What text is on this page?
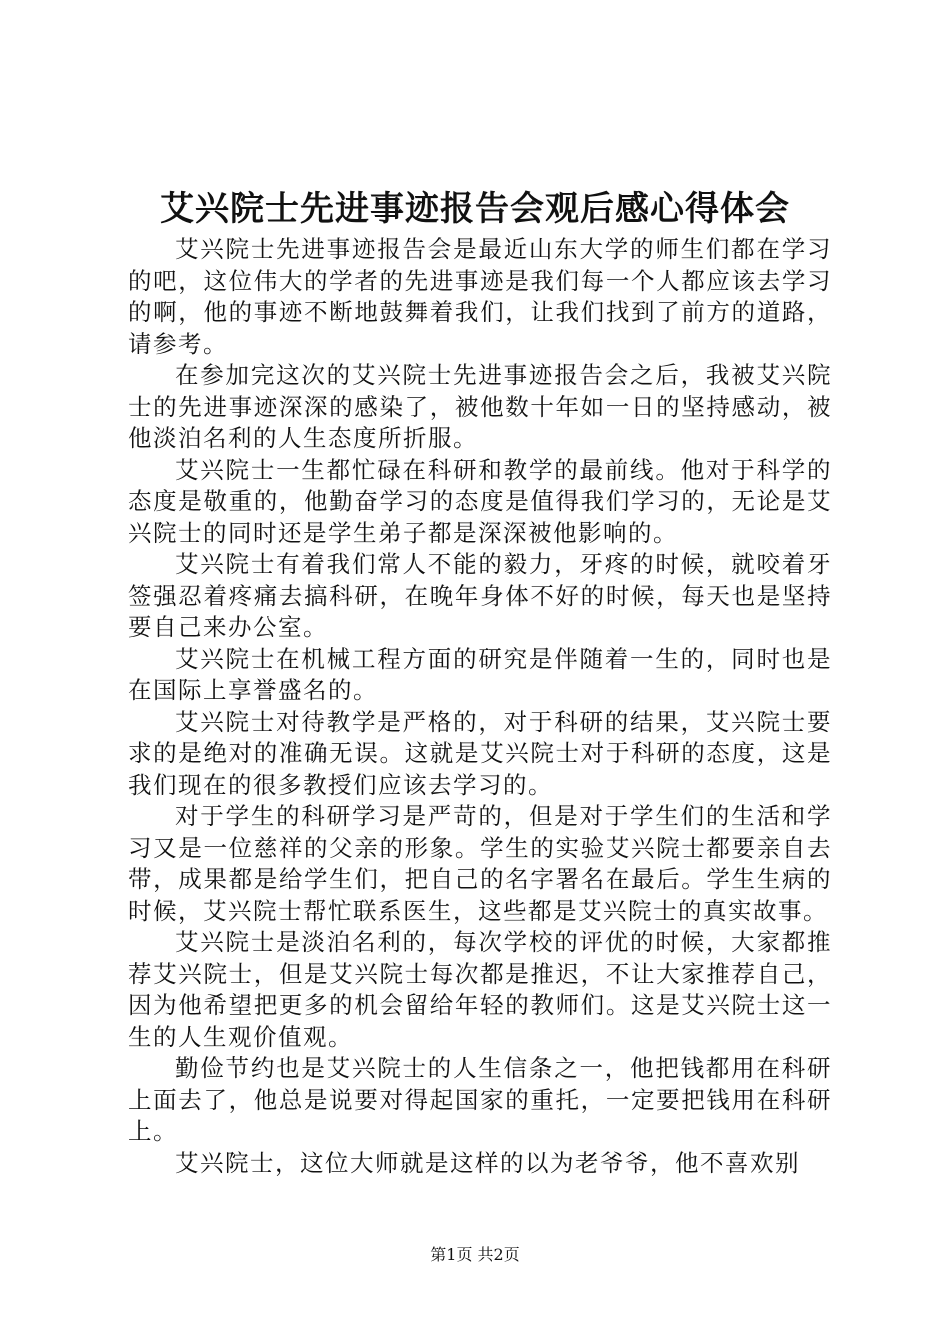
艾兴院士先进事迹报告会观后感心得体会

艾兴院士先进事迹报告会是最近山东大学的师生们都在学习的吧，这位伟大的学者的先进事迹是我们每一个人都应该去学习的啊，他的事迹不断地鼓舞着我们，让我们找到了前方的道路，请参考。

在参加完这次的艾兴院士先进事迹报告会之后，我被艾兴院士的先进事迹深深的感染了，被他数十年如一日的坚持感动，被他淡泊名利的人生态度所折服。

艾兴院士一生都忙碌在科研和教学的最前线。他对于科学的态度是敬重的，他勤奋学习的态度是值得我们学习的，无论是艾兴院士的同时还是学生弟子都是深深被他影响的。

艾兴院士有着我们常人不能的毅力，牙疼的时候，就咬着牙签强忍着疼痛去搞科研，在晚年身体不好的时候，每天也是坚持要自己来办公室。

艾兴院士在机械工程方面的研究是伴随着一生的，同时也是在国际上享誉盛名的。

艾兴院士对待教学是严格的，对于科研的结果，艾兴院士要求的是绝对的准确无误。这就是艾兴院士对于科研的态度，这是我们现在的很多教授们应该去学习的。

对于学生的科研学习是严苛的，但是对于学生们的生活和学习又是一位慈祥的父亲的形象。学生的实验艾兴院士都要亲自去带，成果都是给学生们，把自己的名字署名在最后。学生生病的时候，艾兴院士帮忙联系医生，这些都是艾兴院士的真实故事。

艾兴院士是淡泊名利的，每次学校的评优的时候，大家都推荐艾兴院士，但是艾兴院士每次都是推迟，不让大家推荐自己，因为他希望把更多的机会留给年轻的教师们。这是艾兴院士这一生的人生观价值观。

勤俭节约也是艾兴院士的人生信条之一，他把钱都用在科研上面去了，他总是说要对得起国家的重托，一定要把钱用在科研上。

艾兴院士，这位大师就是这样的以为老爷爷，他不喜欢别

第1页 共2页
